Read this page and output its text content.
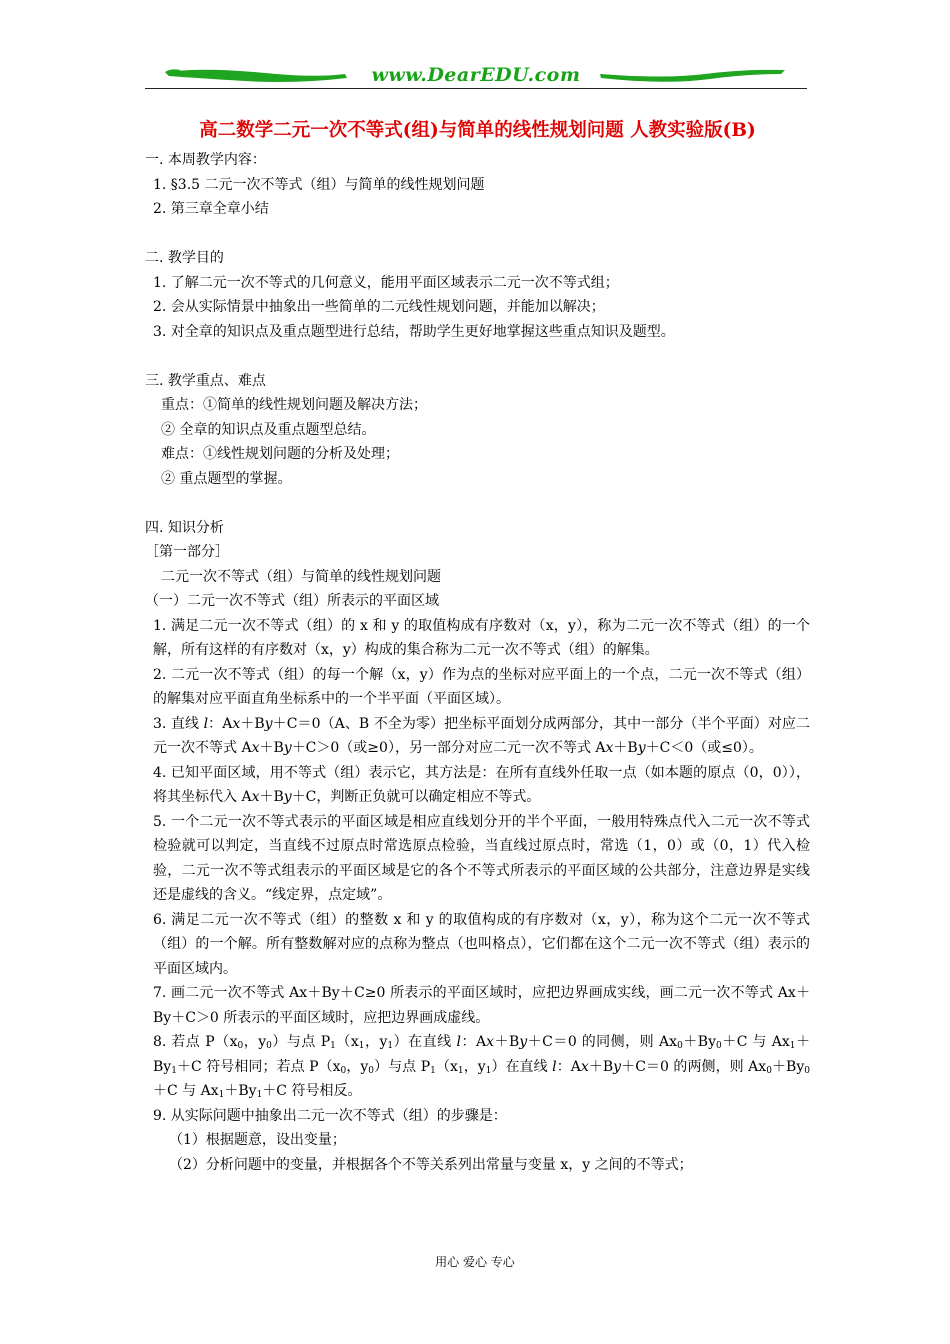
www.DearEDU.com
高二数学二元一次不等式(组)与简单的线性规划问题 人教实验版(B)

一. 本周教学内容：

1. §3.5 二元一次不等式（组）与简单的线性规划问题

2. 第三章全章小结

二. 教学目的

1. 了解二元一次不等式的几何意义，能用平面区域表示二元一次不等式组；

2. 会从实际情景中抽象出一些简单的二元线性规划问题，并能加以解决；

3. 对全章的知识点及重点题型进行总结，帮助学生更好地掌握这些重点知识及题型。

三. 教学重点、难点

重点：①简单的线性规划问题及解决方法；

② 全章的知识点及重点题型总结。

难点：①线性规划问题的分析及处理；

② 重点题型的掌握。

四. 知识分析

［第一部分］

二元一次不等式（组）与简单的线性规划问题

（一）二元一次不等式（组）所表示的平面区域

1. 满足二元一次不等式（组）的 x 和 y 的取值构成有序数对（x，y），称为二元一次不等式（组）的一个解，所有这样的有序数对（x，y）构成的集合称为二元一次不等式（组）的解集。

2. 二元一次不等式（组）的每一个解（x，y）作为点的坐标对应平面上的一个点，二元一次不等式（组）的解集对应平面直角坐标系中的一个半平面（平面区域）。

3. 直线 l：Ax＋By＋C＝0（A、B 不全为零）把坐标平面划分成两部分，其中一部分（半个平面）对应二元一次不等式 Ax＋By＋C＞0（或≥0），另一部分对应二元一次不等式 Ax＋By＋C＜0（或≤0）。

4. 已知平面区域，用不等式（组）表示它，其方法是：在所有直线外任取一点（如本题的原点（0，0）），将其坐标代入 Ax＋By＋C，判断正负就可以确定相应不等式。

5. 一个二元一次不等式表示的平面区域是相应直线划分开的半个平面，一般用特殊点代入二元一次不等式检验就可以判定，当直线不过原点时常选原点检验，当直线过原点时，常选（1，0）或（0，1）代入检验，二元一次不等式组表示的平面区域是它的各个不等式所表示的平面区域的公共部分，注意边界是实线还是虚线的含义。“线定界，点定域”。

6. 满足二元一次不等式（组）的整数 x 和 y 的取值构成的有序数对（x，y），称为这个二元一次不等式（组）的一个解。所有整数解对应的点称为整点（也叫格点），它们都在这个二元一次不等式（组）表示的平面区域内。

7. 画二元一次不等式 Ax＋By＋C≥0 所表示的平面区域时，应把边界画成实线，画二元一次不等式 Ax＋By＋C＞0 所表示的平面区域时，应把边界画成虚线。

8. 若点 $P(x_0$，$y_0$）与点 $P_1(x_1$，$y_1$）在直线 l：Ax＋By＋C＝0 的同侧，则 $Ax_0+By_0+C$ 与 $Ax_1+By_1+C$ 符号相同；若点 $P(x_0$，$y_0$）与点 $P_1(x_1$，$y_1$）在直线 l：Ax＋By＋C＝0 的两侧，则 $Ax_0+By_0+C$ 与 $Ax_1+By_1+C$ 符号相反。

9. 从实际问题中抽象出二元一次不等式（组）的步骤是：

（1）根据题意，设出变量；

（2）分析问题中的变量，并根据各个不等关系列出常量与变量 x，y 之间的不等式；

用心 爱心 专心
